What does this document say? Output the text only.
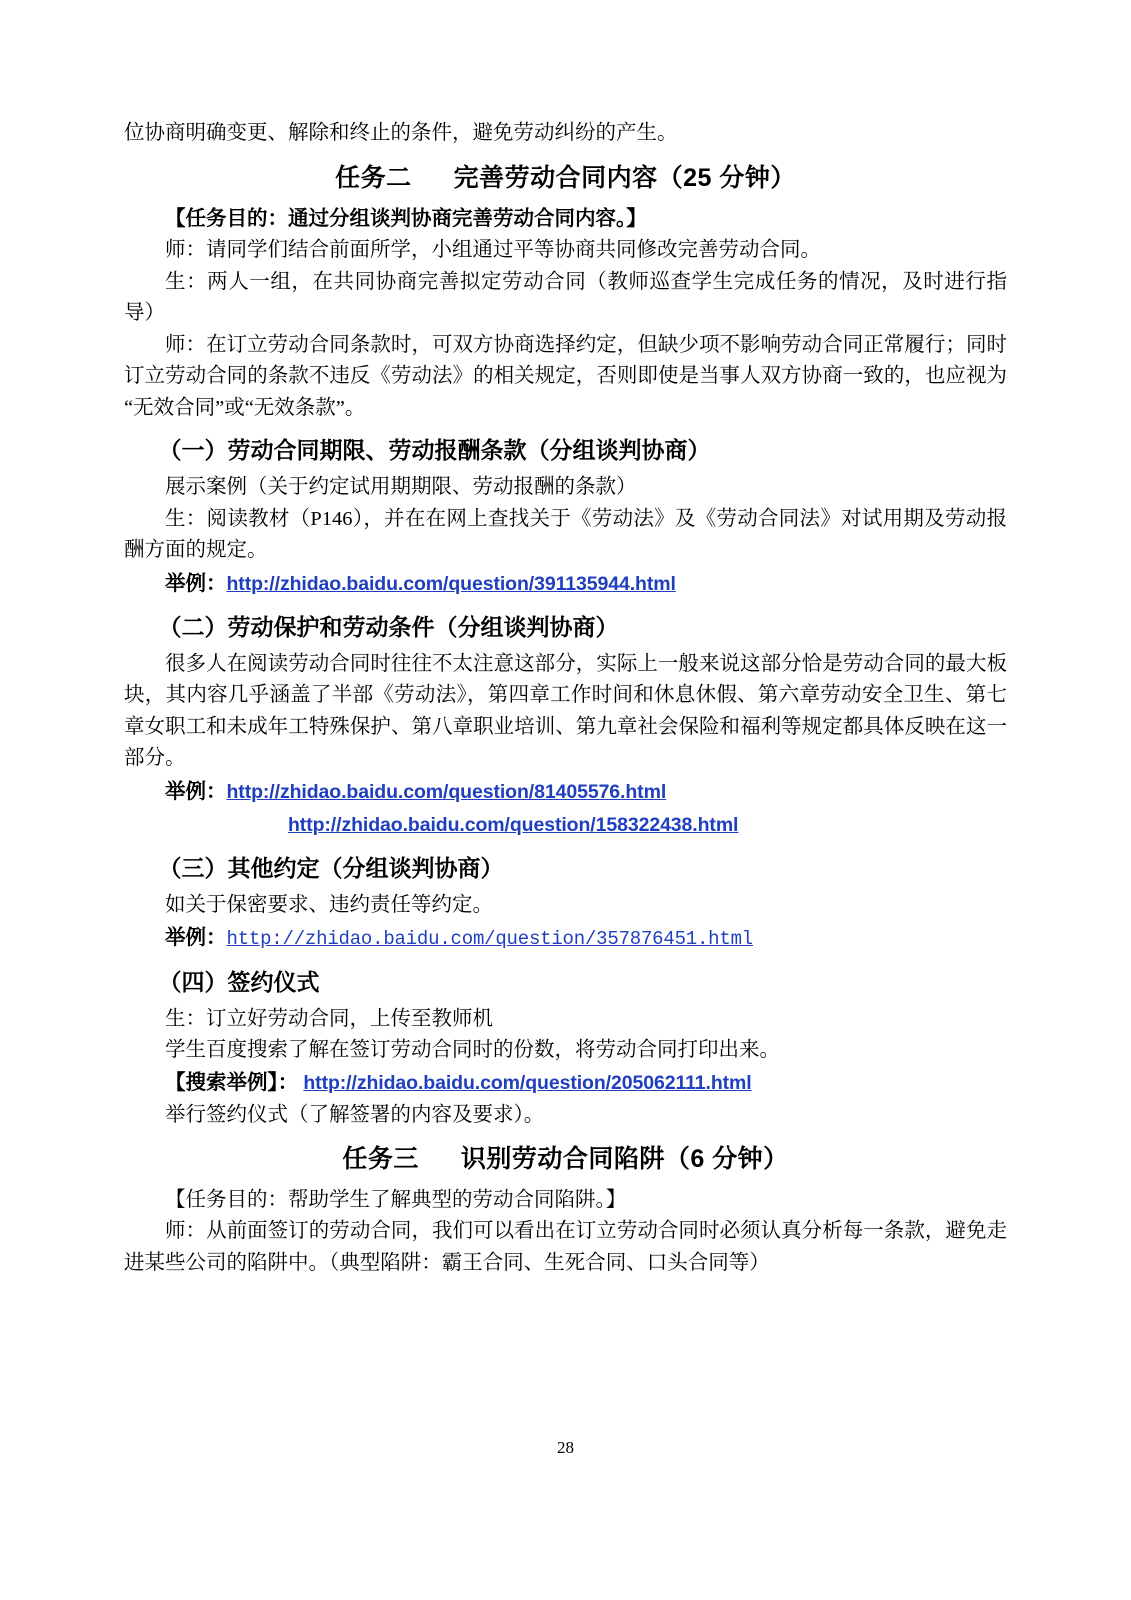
位协商明确变更、解除和终止的条件，避免劳动纠纷的产生。

任务二 完善劳动合同内容（25 分钟）

【任务目的：通过分组谈判协商完善劳动合同内容。】

师：请同学们结合前面所学，小组通过平等协商共同修改完善劳动合同。

生：两人一组，在共同协商完善拟定劳动合同（教师巡查学生完成任务的情况，及时进行指导）

师：在订立劳动合同条款时，可双方协商选择约定，但缺少项不影响劳动合同正常履行；同时订立劳动合同的条款不违反《劳动法》的相关规定，否则即使是当事人双方协商一致的，也应视为“无效合同”或“无效条款”。

（一）劳动合同期限、劳动报酬条款（分组谈判协商）

展示案例（关于约定试用期期限、劳动报酬的条款）

生：阅读教材（P146），并在在网上查找关于《劳动法》及《劳动合同法》对试用期及劳动报酬方面的规定。

举例：http://zhidao.baidu.com/question/391135944.html

（二）劳动保护和劳动条件（分组谈判协商）

很多人在阅读劳动合同时往往不太注意这部分，实际上一般来说这部分恰是劳动合同的最大板块，其内容几乎涵盖了半部《劳动法》，第四章工作时间和休息休假、第六章劳动安全卫生、第七章女职工和未成年工特殊保护、第八章职业培训、第九章社会保险和福利等规定都具体反映在这一部分。

举例：http://zhidao.baidu.com/question/81405576.html

http://zhidao.baidu.com/question/158322438.html

（三）其他约定（分组谈判协商）

如关于保密要求、违约责任等约定。

举例：http://zhidao.baidu.com/question/357876451.html

（四）签约仪式

生：订立好劳动合同，上传至教师机

学生百度搜索了解在签订劳动合同时的份数，将劳动合同打印出来。

【搜索举例】： http://zhidao.baidu.com/question/205062111.html

举行签约仪式（了解签署的内容及要求）。

任务三 识别劳动合同陷阱（6 分钟）

【任务目的：帮助学生了解典型的劳动合同陷阱。】

师：从前面签订的劳动合同，我们可以看出在订立劳动合同时必须认真分析每一条款，避免走进某些公司的陷阱中。（典型陷阱：霸王合同、生死合同、口头合同等）

28
